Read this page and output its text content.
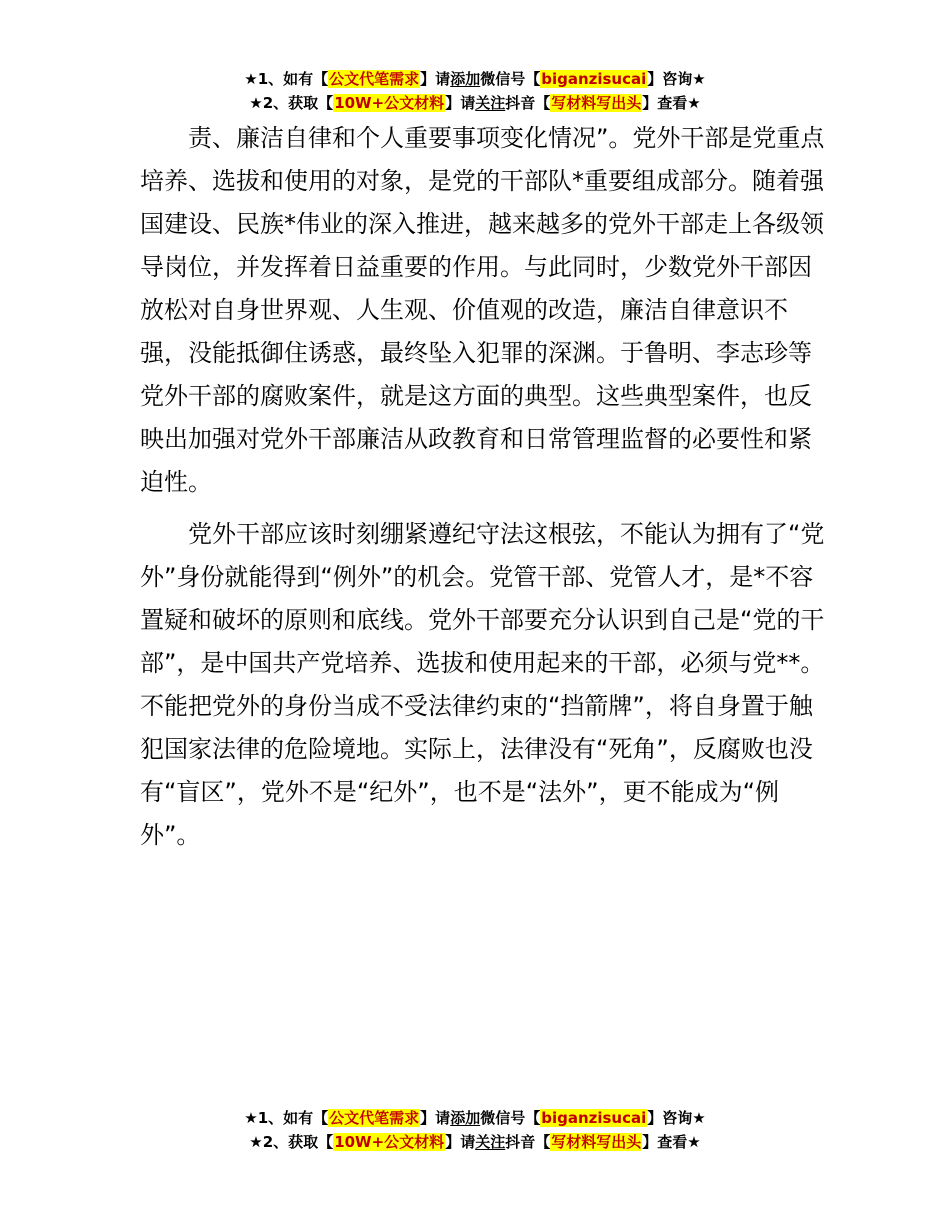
★1、如有【公文代笔需求】请添加微信号【biganzisucai】咨询★
★2、获取【10W+公文材料】请关注抖音【写材料写出头】查看★

责、廉洁自律和个人重要事项变化情况”。党外干部是党重点培养、选拔和使用的对象，是党的干部队*重要组成部分。随着强国建设、民族*伟业的深入推进，越来越多的党外干部走上各级领导岗位，并发挥着日益重要的作用。与此同时，少数党外干部因放松对自身世界观、人生观、价值观的改造，廉洁自律意识不强，没能抵御住诱惑，最终坠入犯罪的深渊。于鲁明、李志珍等党外干部的腐败案件，就是这方面的典型。这些典型案件，也反映出加强对党外干部廉洁从政教育和日常管理监督的必要性和紧迫性。

党外干部应该时刻绷紧遵纪守法这根弦，不能认为拥有了“党外”身份就能得到“例外”的机会。党管干部、党管人才，是*不容置疑和破坏的原则和底线。党外干部要充分认识到自己是“党的干部”，是中国共产党培养、选拔和使用起来的干部，必须与党**。不能把党外的身份当成不受法律约束的“挡箭牌”，将自身置于触犯国家法律的危险境地。实际上，法律没有“死角”，反腐败也没有“盲区”，党外不是“纪外”，也不是“法外”，更不能成为“例外”。

★1、如有【公文代笔需求】请添加微信号【biganzisucai】咨询★
★2、获取【10W+公文材料】请关注抖音【写材料写出头】查看★
